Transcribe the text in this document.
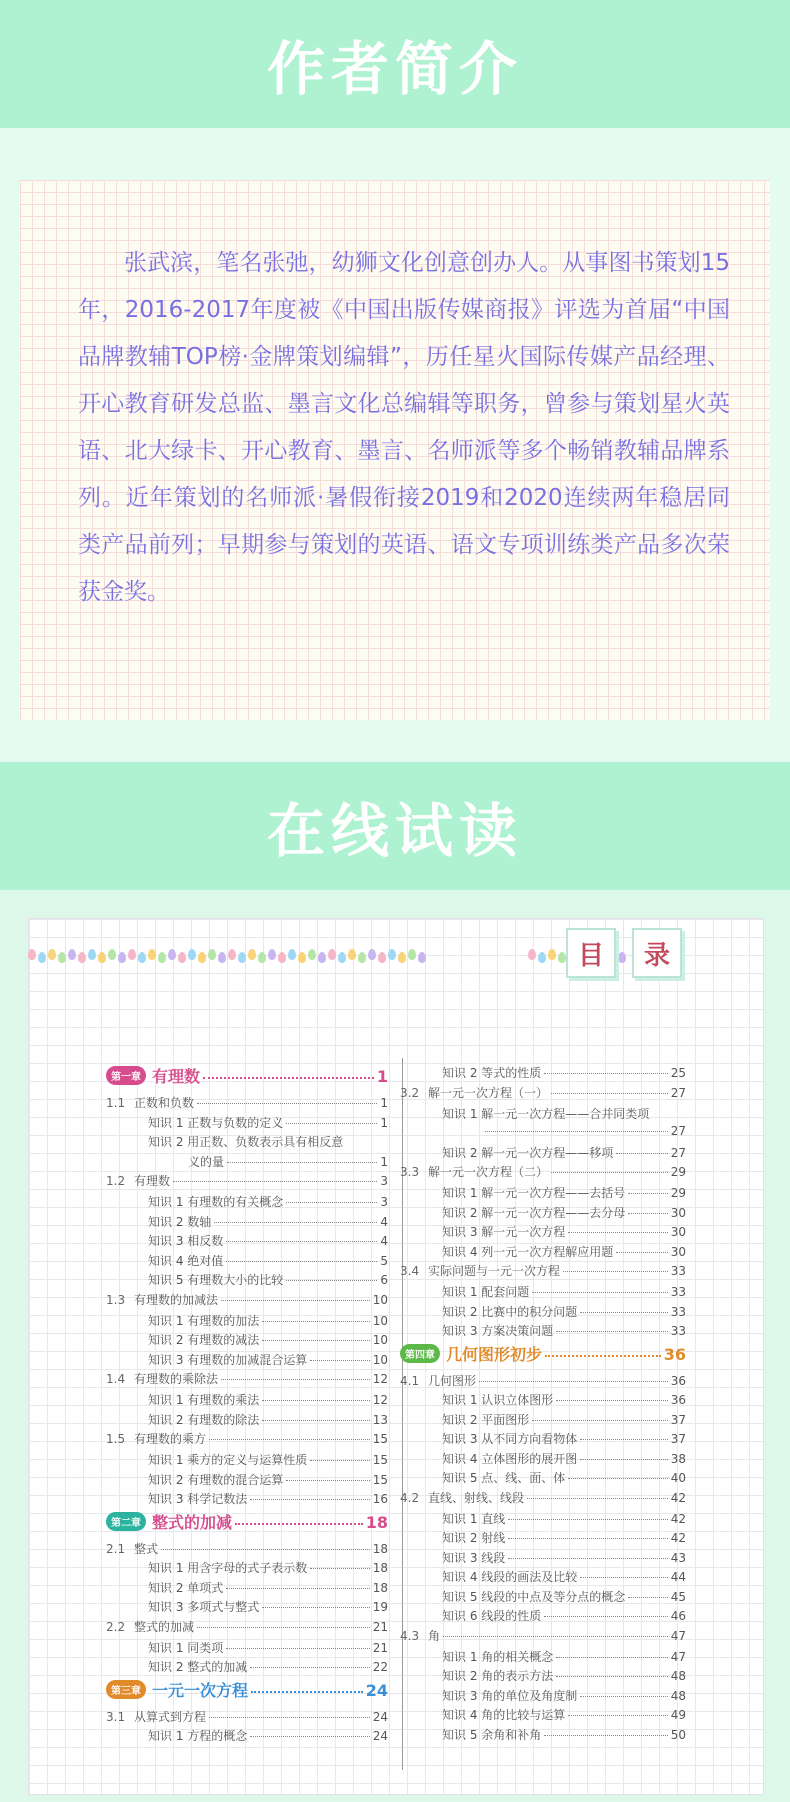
作者简介

张武滨，笔名张弛，幼狮文化创意创办人。从事图书策划15年，2016-2017年度被《中国出版传媒商报》评选为首届“中国品牌教辅TOP榜·金牌策划编辑”，历任星火国际传媒产品经理、开心教育研发总监、墨言文化总编辑等职务，曾参与策划星火英语、北大绿卡、开心教育、墨言、名师派等多个畅销教辅品牌系列。近年策划的名师派·暑假衔接2019和2020连续两年稳居同类产品前列；早期参与策划的英语、语文专项训练类产品多次荣获金奖。

在线试读
目 录
第一章 有理数	1
1.1 正数和负数	1
知识 1 正数与负数的定义	1
知识 2 用正数、负数表示具有相反意
义的量	1
1.2 有理数	3
知识 1 有理数的有关概念	3
知识 2 数轴	4
知识 3 相反数	4
知识 4 绝对值	5
知识 5 有理数大小的比较	6
1.3 有理数的加减法	10
知识 1 有理数的加法	10
知识 2 有理数的减法	10
知识 3 有理数的加减混合运算	10
1.4 有理数的乘除法	12
知识 1 有理数的乘法	12
知识 2 有理数的除法	13
1.5 有理数的乘方	15
知识 1 乘方的定义与运算性质	15
知识 2 有理数的混合运算	15
知识 3 科学记数法	16
第二章 整式的加减	18
2.1 整式	18
知识 1 用含字母的式子表示数	18
知识 2 单项式	18
知识 3 多项式与整式	19
2.2 整式的加减	21
知识 1 同类项	21
知识 2 整式的加减	22
第三章 一元一次方程	24
3.1 从算式到方程	24
知识 1 方程的概念	24
知识 2 等式的性质	25
3.2 解一元一次方程（一）	27
知识 1 解一元一次方程——合并同类项
27
知识 2 解一元一次方程——移项	27
3.3 解一元一次方程（二）	29
知识 1 解一元一次方程——去括号	29
知识 2 解一元一次方程——去分母	30
知识 3 解一元一次方程	30
知识 4 列一元一次方程解应用题	30
3.4 实际问题与一元一次方程	33
知识 1 配套问题	33
知识 2 比赛中的积分问题	33
知识 3 方案决策问题	33
第四章 几何图形初步	36
4.1 几何图形	36
知识 1 认识立体图形	36
知识 2 平面图形	37
知识 3 从不同方向看物体	37
知识 4 立体图形的展开图	38
知识 5 点、线、面、体	40
4.2 直线、射线、线段	42
知识 1 直线	42
知识 2 射线	42
知识 3 线段	43
知识 4 线段的画法及比较	44
知识 5 线段的中点及等分点的概念	45
知识 6 线段的性质	46
4.3 角	47
知识 1 角的相关概念	47
知识 2 角的表示方法	48
知识 3 角的单位及角度制	48
知识 4 角的比较与运算	49
知识 5 余角和补角	50
